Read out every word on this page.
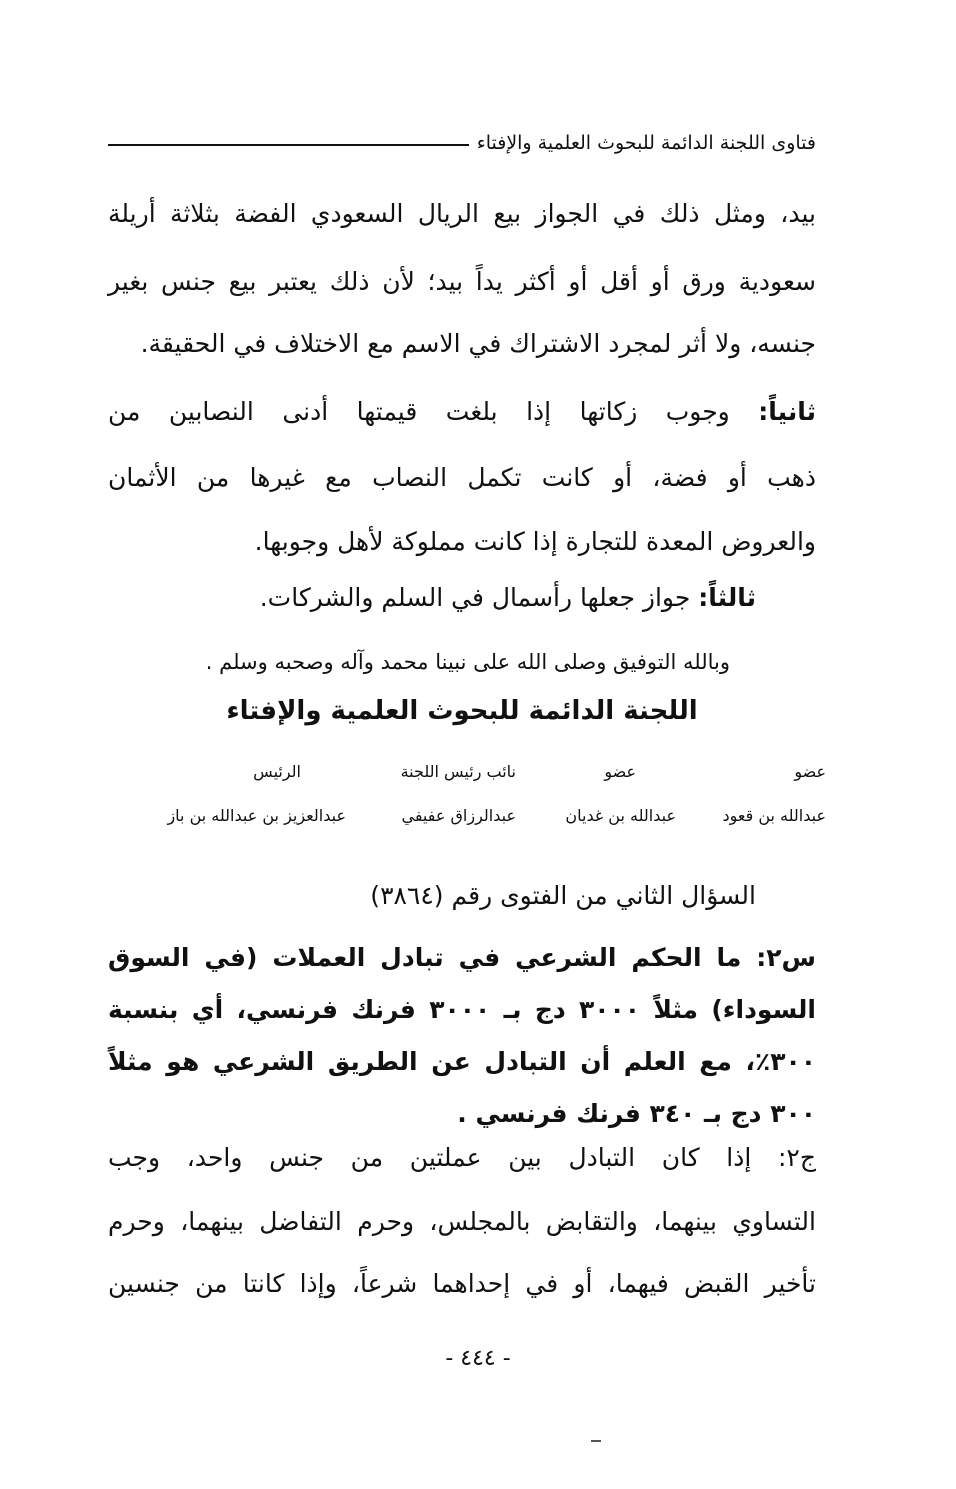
فتاوى اللجنة الدائمة للبحوث العلمية والإفتاء
بيد، ومثل ذلك في الجواز بيع الريال السعودي الفضة بثلاثة أريلة
سعودية ورق أو أقل أو أكثر يداً بيد؛ لأن ذلك يعتبر بيع جنس بغير
جنسه، ولا أثر لمجرد الاشتراك في الاسم مع الاختلاف في الحقيقة.
ثانياً: وجوب زكاتها إذا بلغت قيمتها أدنى النصابين من
ذهب أو فضة، أو كانت تكمل النصاب مع غيرها من الأثمان
والعروض المعدة للتجارة إذا كانت مملوكة لأهل وجوبها.
ثالثاً: جواز جعلها رأسمال في السلم والشركات.
وبالله التوفيق وصلى الله على نبينا محمد وآله وصحبه وسلم .
اللجنة الدائمة للبحوث العلمية والإفتاء
عضو
عضو
نائب رئيس اللجنة
الرئيس
عبدالله بن قعود
عبدالله بن غديان
عبدالرزاق عفيفي
عبدالعزيز بن عبدالله بن باز
السؤال الثاني من الفتوى رقم (٣٨٦٤)
س٢: ما الحكم الشرعي في تبادل العملات (في السوق
السوداء) مثلاً ٣٠٠٠ دج بـ ٣٠٠٠ فرنك فرنسي، أي بنسبة
٣٠٠٪، مع العلم أن التبادل عن الطريق الشرعي هو مثلاً
٣٠٠ دج بـ ٣٤٠ فرنك فرنسي .
ج٢: إذا كان التبادل بين عملتين من جنس واحد، وجب
التساوي بينهما، والتقابض بالمجلس، وحرم التفاضل بينهما، وحرم
تأخير القبض فيهما، أو في إحداهما شرعاً، وإذا كانتا من جنسين
- ٤٤٤ -
